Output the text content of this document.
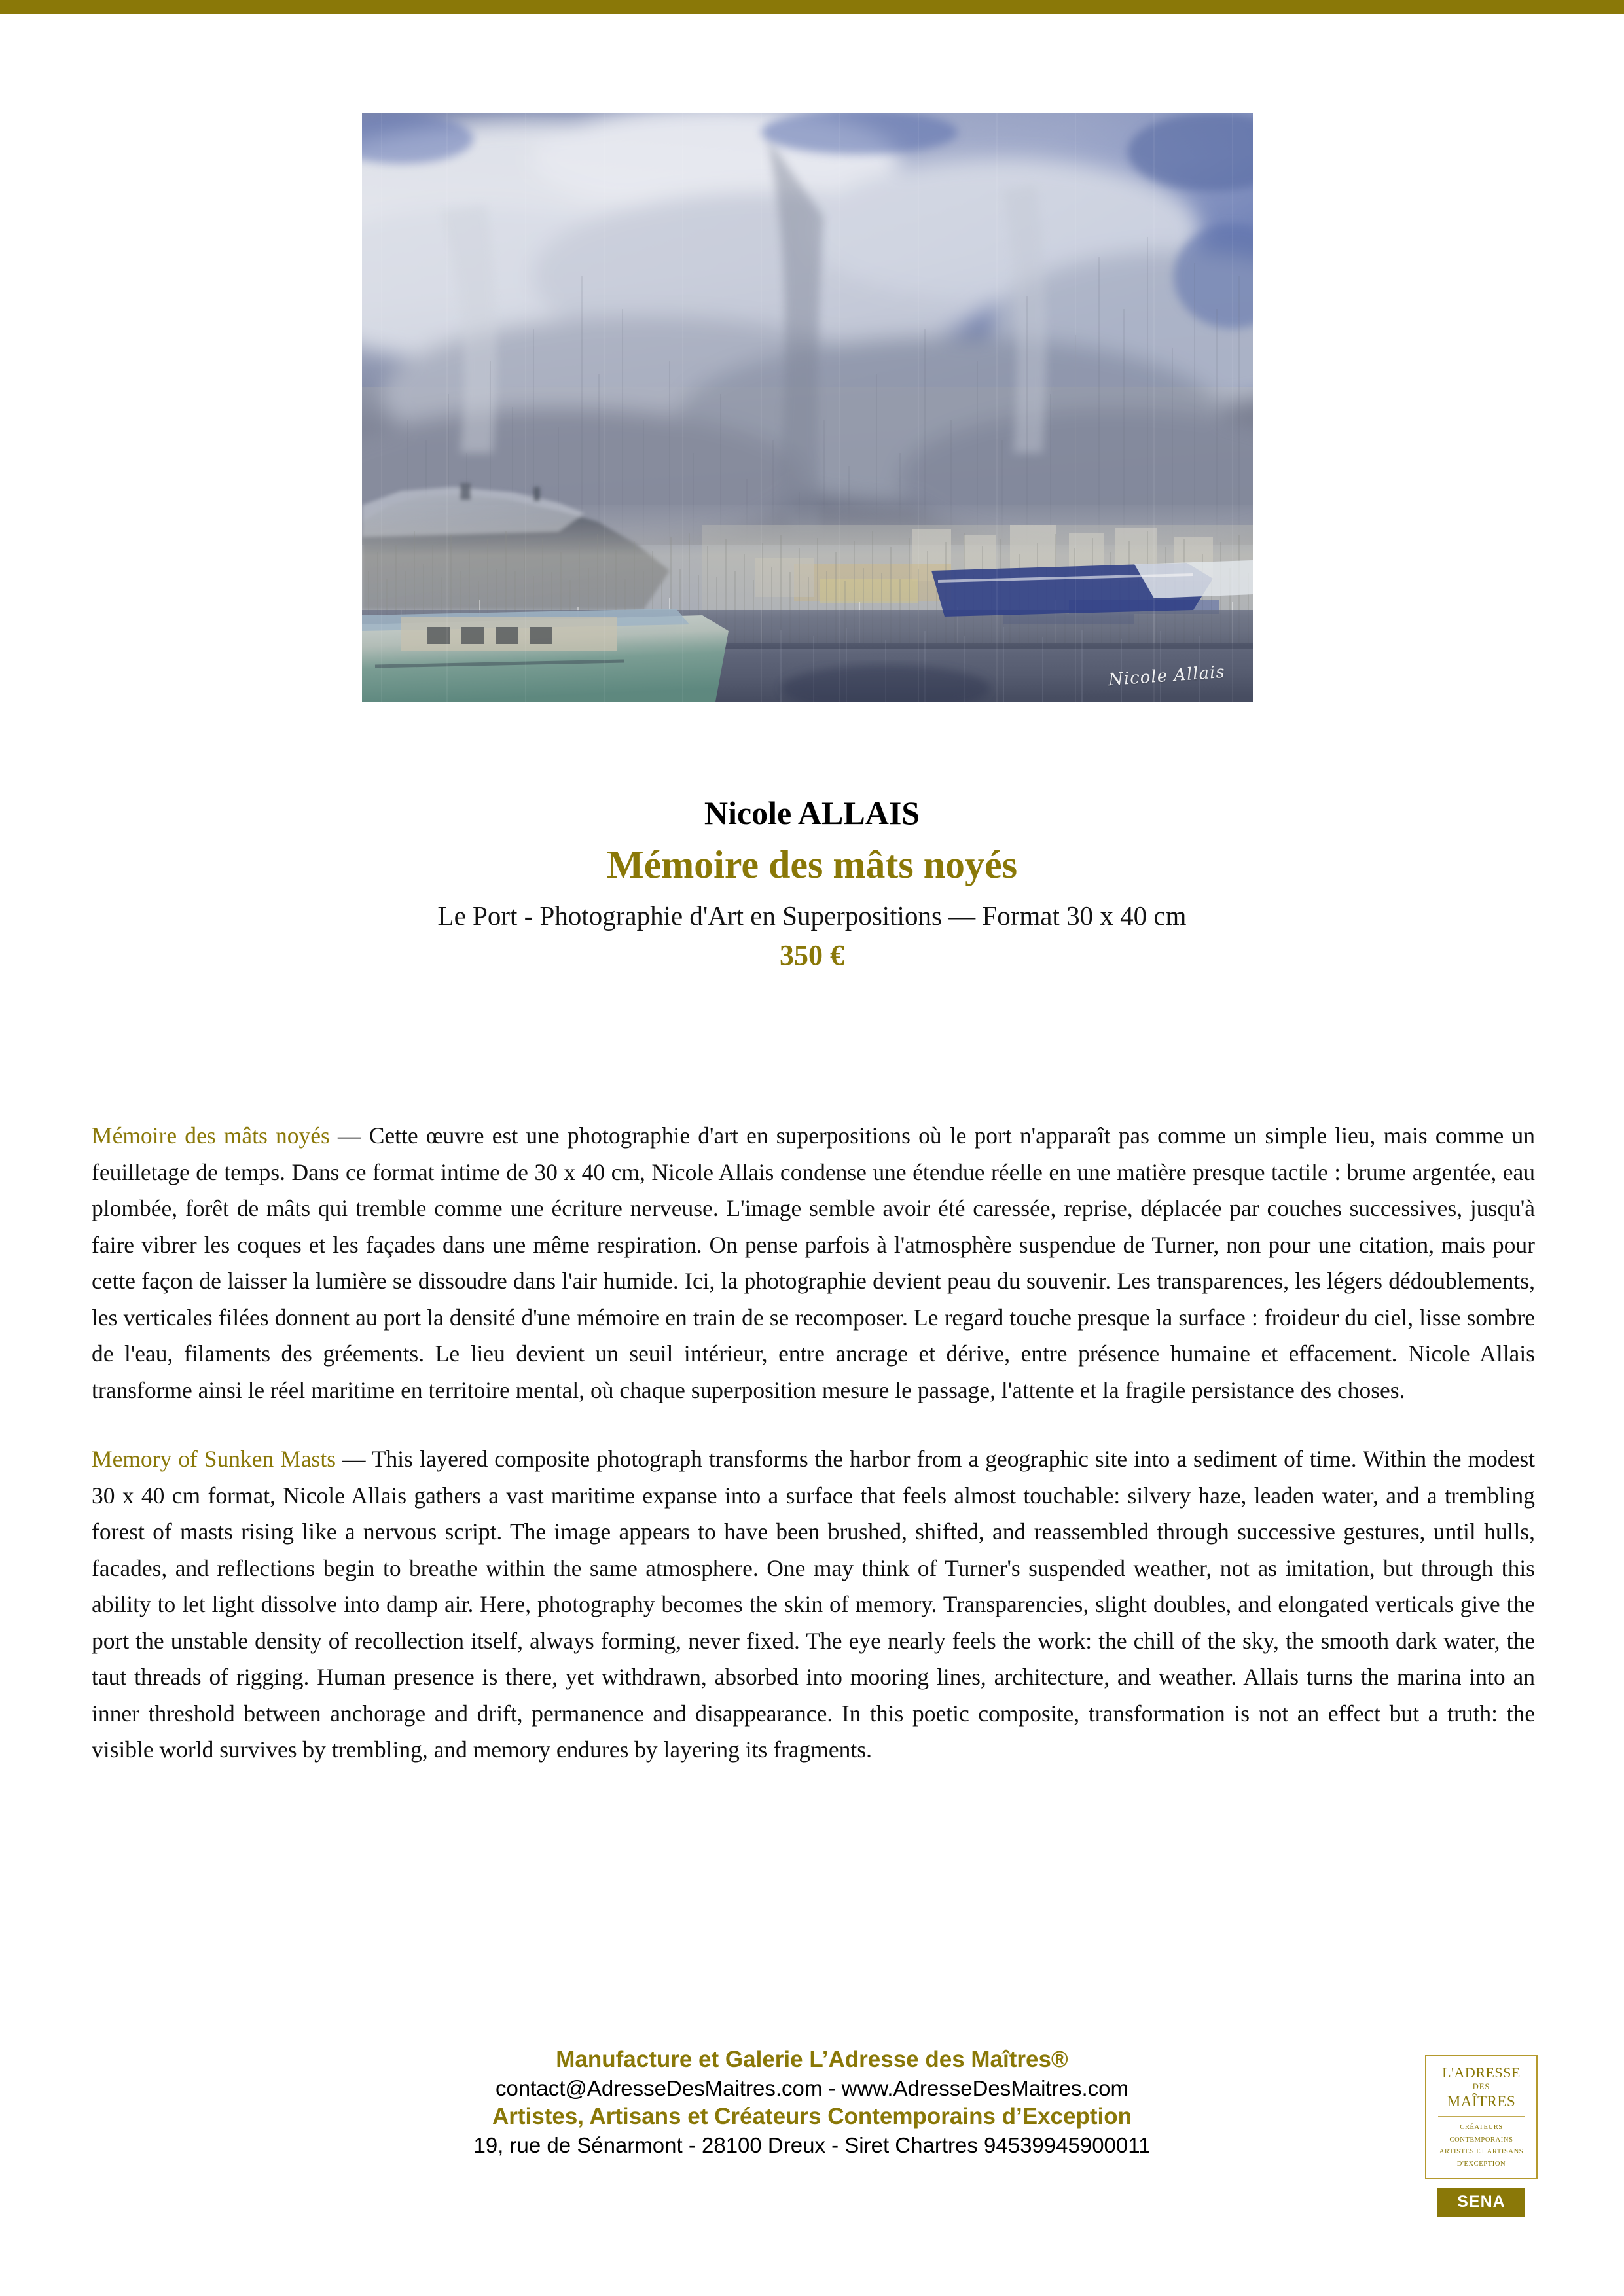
Nicole Allais
Nicole ALLAIS
Mémoire des mâts noyés
Le Port - Photographie d'Art en Superpositions — Format 30 x 40 cm
350 €

Mémoire des mâts noyés — Cette œuvre est une photographie d'art en superpositions où le port n'apparaît pas comme un simple lieu, mais comme un feuilletage de temps. Dans ce format intime de 30 x 40 cm, Nicole Allais condense une étendue réelle en une matière presque tactile : brume argentée, eau plombée, forêt de mâts qui tremble comme une écriture nerveuse. L'image semble avoir été caressée, reprise, déplacée par couches successives, jusqu'à faire vibrer les coques et les façades dans une même respiration. On pense parfois à l'atmosphère suspendue de Turner, non pour une citation, mais pour cette façon de laisser la lumière se dissoudre dans l'air humide. Ici, la photographie devient peau du souvenir. Les transparences, les légers dédoublements, les verticales filées donnent au port la densité d'une mémoire en train de se recomposer. Le regard touche presque la surface : froideur du ciel, lisse sombre de l'eau, filaments des gréements. Le lieu devient un seuil intérieur, entre ancrage et dérive, entre présence humaine et effacement. Nicole Allais transforme ainsi le réel maritime en territoire mental, où chaque superposition mesure le passage, l'attente et la fragile persistance des choses.

Memory of Sunken Masts — This layered composite photograph transforms the harbor from a geographic site into a sediment of time. Within the modest 30 x 40 cm format, Nicole Allais gathers a vast maritime expanse into a surface that feels almost touchable: silvery haze, leaden water, and a trembling forest of masts rising like a nervous script. The image appears to have been brushed, shifted, and reassembled through successive gestures, until hulls, facades, and reflections begin to breathe within the same atmosphere. One may think of Turner's suspended weather, not as imitation, but through this ability to let light dissolve into damp air. Here, photography becomes the skin of memory. Transparencies, slight doubles, and elongated verticals give the port the unstable density of recollection itself, always forming, never fixed. The eye nearly feels the work: the chill of the sky, the smooth dark water, the taut threads of rigging. Human presence is there, yet withdrawn, absorbed into mooring lines, architecture, and weather. Allais turns the marina into an inner threshold between anchorage and drift, permanence and disappearance. In this poetic composite, transformation is not an effect but a truth: the visible world survives by trembling, and memory endures by layering its fragments.

Manufacture et Galerie L’Adresse des Maîtres®
contact@AdresseDesMaitres.com - www.AdresseDesMaitres.com
Artistes, Artisans et Créateurs Contemporains d’Exception
19, rue de Sénarmont - 28100 Dreux - Siret Chartres 94539945900011
L'ADRESSE
DES
MAÎTRES
CRÉATEURS CONTEMPORAINS
ARTISTES ET ARTISANS
D'EXCEPTION
SENA
